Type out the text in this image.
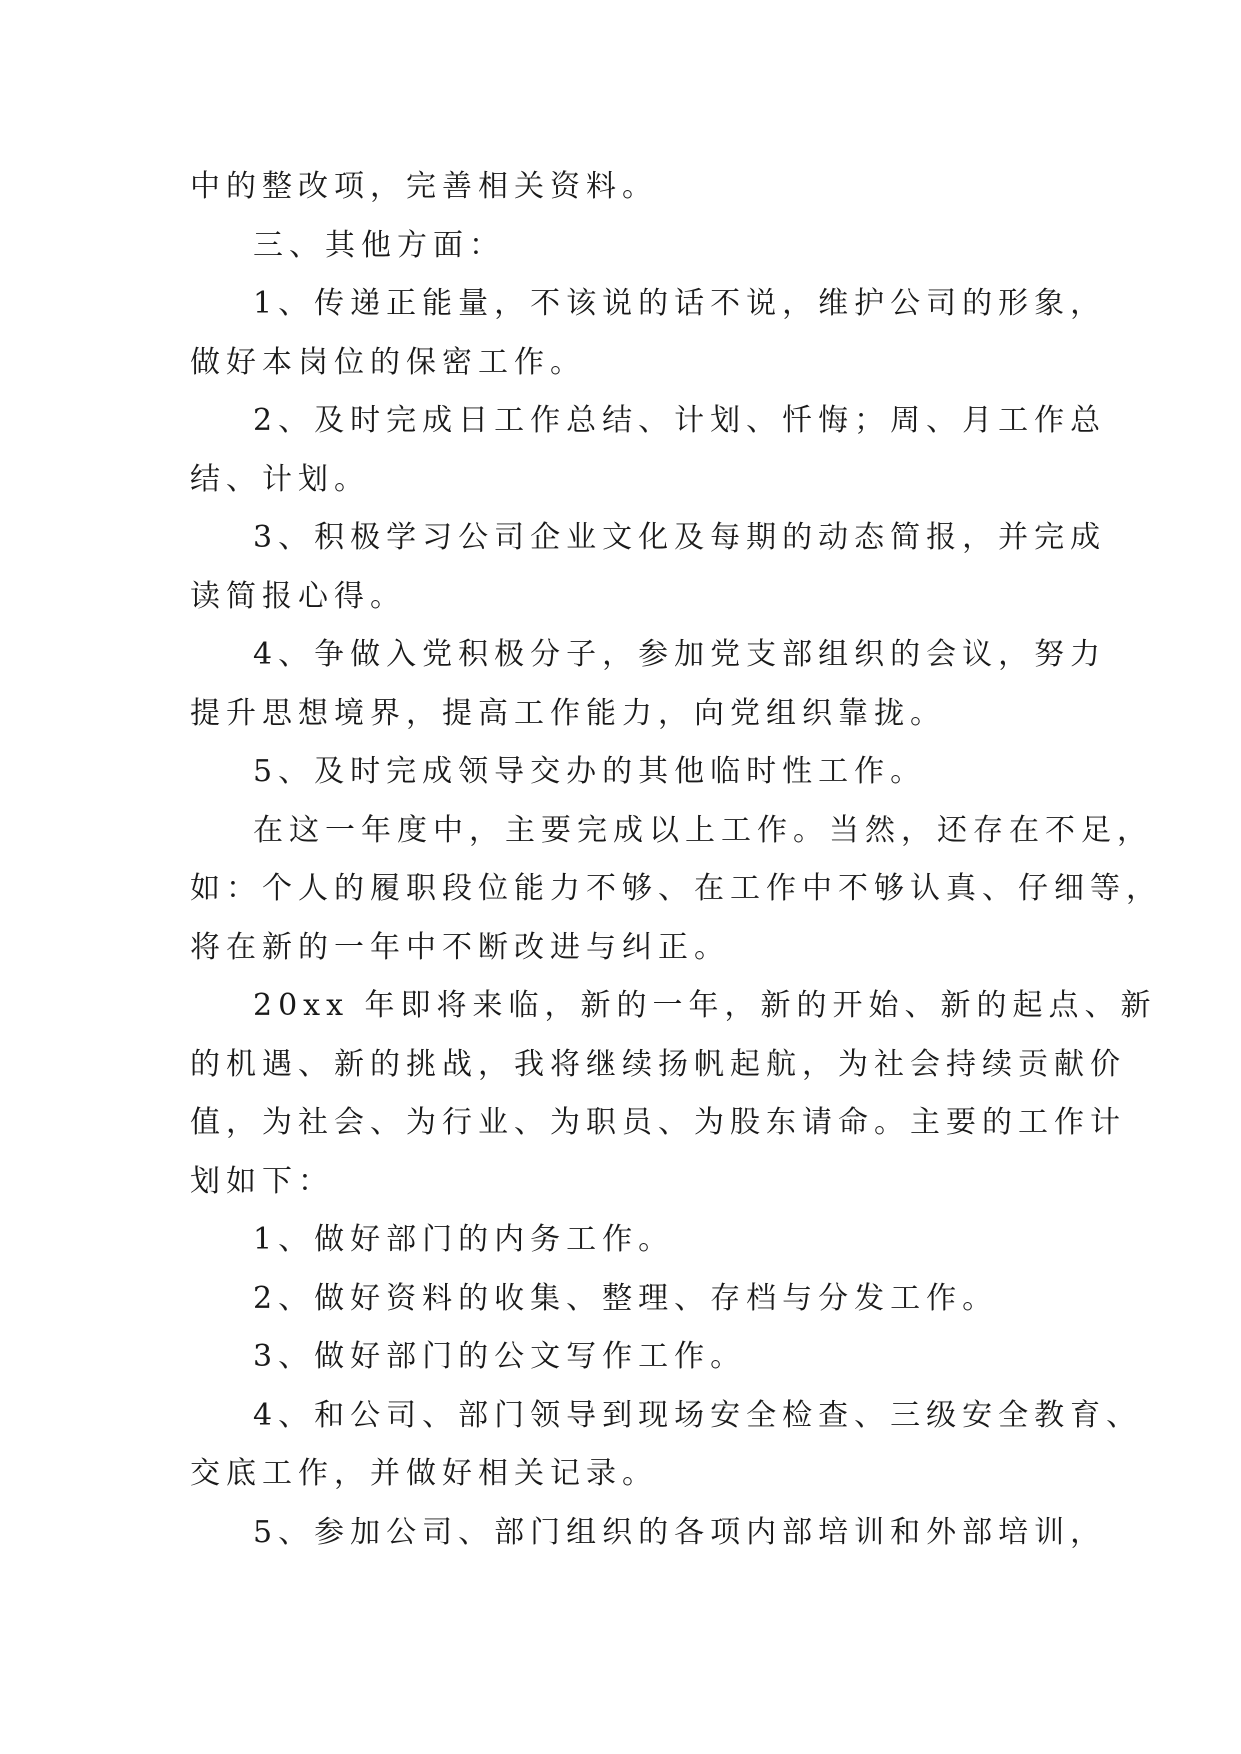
中的整改项，完善相关资料。
三、其他方面：
1、传递正能量，不该说的话不说，维护公司的形象，
做好本岗位的保密工作。
2、及时完成日工作总结、计划、忏悔；周、月工作总
结、计划。
3、积极学习公司企业文化及每期的动态简报，并完成
读简报心得。
4、争做入党积极分子，参加党支部组织的会议，努力
提升思想境界，提高工作能力，向党组织靠拢。
5、及时完成领导交办的其他临时性工作。
在这一年度中，主要完成以上工作。当然，还存在不足，
如：个人的履职段位能力不够、在工作中不够认真、仔细等，
将在新的一年中不断改进与纠正。
20xx 年即将来临，新的一年，新的开始、新的起点、新
的机遇、新的挑战，我将继续扬帆起航，为社会持续贡献价
值，为社会、为行业、为职员、为股东请命。主要的工作计
划如下：
1、做好部门的内务工作。
2、做好资料的收集、整理、存档与分发工作。
3、做好部门的公文写作工作。
4、和公司、部门领导到现场安全检查、三级安全教育、
交底工作，并做好相关记录。
5、参加公司、部门组织的各项内部培训和外部培训，
